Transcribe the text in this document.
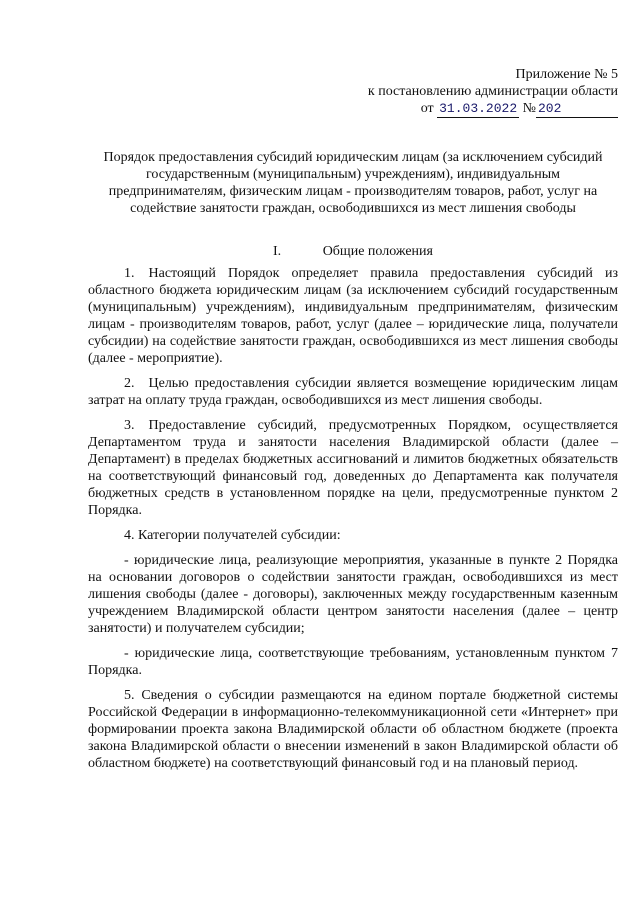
Приложение № 5
к постановлению администрации области
от 31.03.2022 № 202
Порядок предоставления субсидий юридическим лицам (за исключением субсидий государственным (муниципальным) учреждениям), индивидуальным предпринимателям, физическим лицам - производителям товаров, работ, услуг на содействие занятости граждан, освободившихся из мест лишения свободы
I.	Общие положения

1. Настоящий Порядок определяет правила предоставления субсидий из областного бюджета юридическим лицам (за исключением субсидий государственным (муниципальным) учреждениям), индивидуальным предпринимателям, физическим лицам - производителям товаров, работ, услуг (далее – юридические лица, получатели субсидии) на содействие занятости граждан, освободившихся из мест лишения свободы (далее - мероприятие).

2. Целью предоставления субсидии является возмещение юридическим лицам затрат на оплату труда граждан, освободившихся из мест лишения свободы.

3. Предоставление субсидий, предусмотренных Порядком, осуществляется Департаментом труда и занятости населения Владимирской области (далее – Департамент) в пределах бюджетных ассигнований и лимитов бюджетных обязательств на соответствующий финансовый год, доведенных до Департамента как получателя бюджетных средств в установленном порядке на цели, предусмотренные пунктом 2 Порядка.

4. Категории получателей субсидии:

- юридические лица, реализующие мероприятия, указанные в пункте 2 Порядка на основании договоров о содействии занятости граждан, освободившихся из мест лишения свободы (далее - договоры), заключенных между государственным казенным учреждением Владимирской области центром занятости населения (далее – центр занятости) и получателем субсидии;

- юридические лица, соответствующие требованиям, установленным пунктом 7 Порядка.

5. Сведения о субсидии размещаются на едином портале бюджетной системы Российской Федерации в информационно-телекоммуникационной сети «Интернет» при формировании проекта закона Владимирской области об областном бюджете (проекта закона Владимирской области о внесении изменений в закон Владимирской области об областном бюджете) на соответствующий финансовый год и на плановый период.
